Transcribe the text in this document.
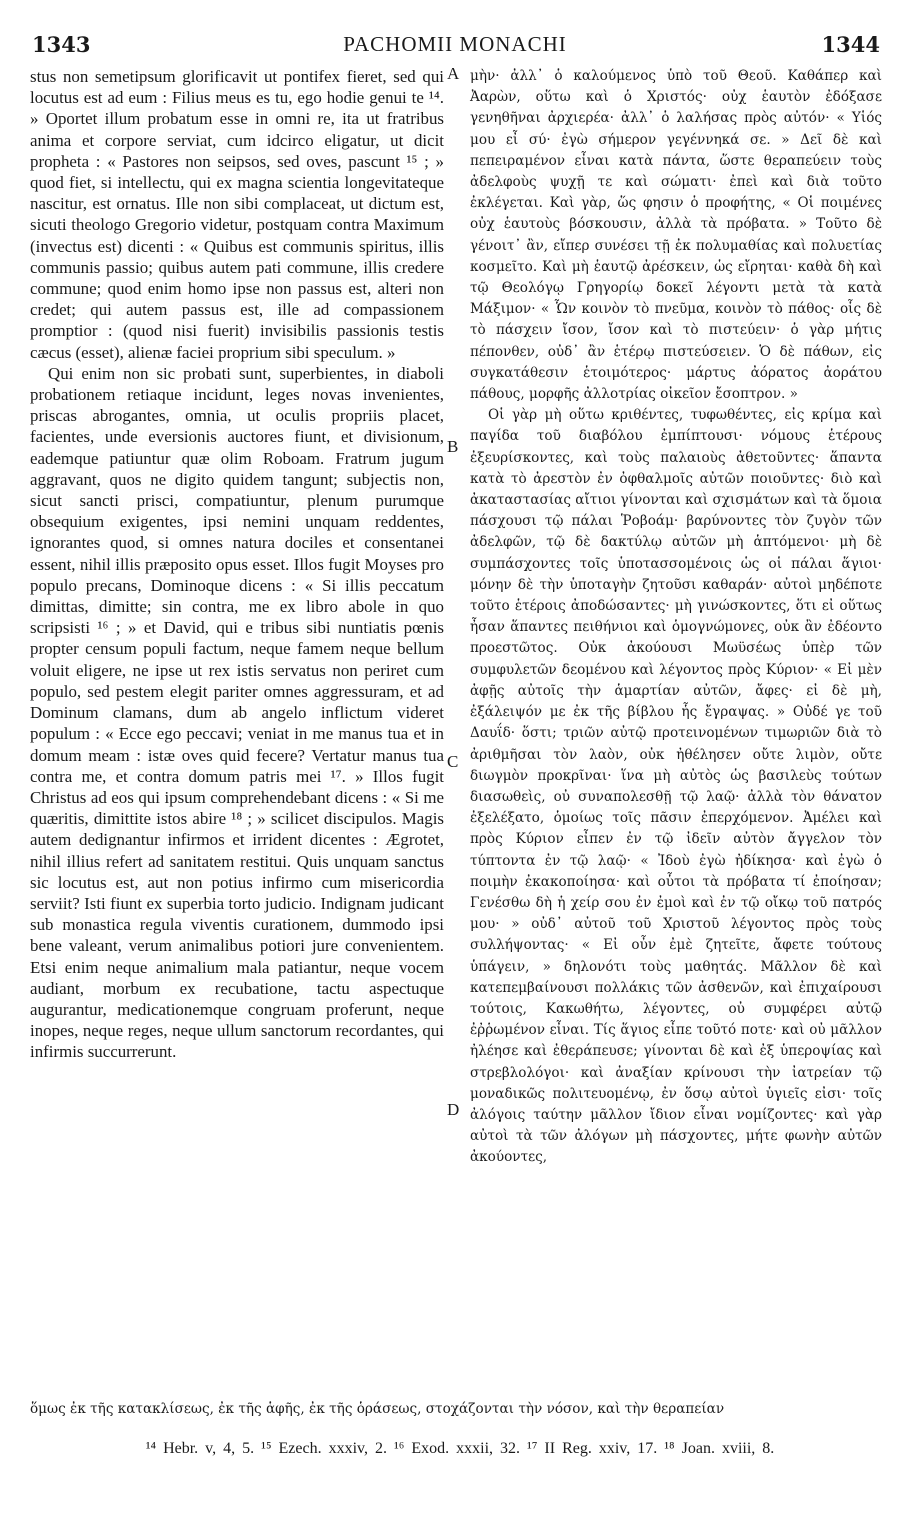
1343	PACHOMII MONACHI	1344

stus non semetipsum glorificavit ut pontifex fieret, sed qui locutus est ad eum : Filius meus es tu, ego hodie genui te ¹⁴. » Oportet illum probatum esse in omni re, ita ut fratribus anima et corpore serviat, cum idcirco eligatur, ut dicit propheta : « Pastores non seipsos, sed oves, pascunt ¹⁵ ; » quod fiet, si intellectu, qui ex magna scientia longevitateque nascitur, est ornatus. Ille non sibi complaceat, ut dictum est, sicuti theologo Gregorio videtur, postquam contra Maximum (invectus est) dicenti : « Quibus est communis spiritus, illis communis passio; quibus autem pati commune, illis credere commune; quod enim homo ipse non passus est, alteri non credet; qui autem passus est, ille ad compassionem promptior : (quod nisi fuerit) invisibilis passionis testis cæcus (esset), alienæ faciei proprium sibi speculum. »

Qui enim non sic probati sunt, superbientes, in diaboli probationem retiaque incidunt, leges novas invenientes, priscas abrogantes, omnia, ut oculis propriis placet, facientes, unde eversionis auctores fiunt, et divisionum, eademque patiuntur quæ olim Roboam. Fratrum jugum aggravant, quos ne digito quidem tangunt; subjectis non, sicut sancti prisci, compatiuntur, plenum purumque obsequium exigentes, ipsi nemini unquam reddentes, ignorantes quod, si omnes natura dociles et consentanei essent, nihil illis præposito opus esset. Illos fugit Moyses pro populo precans, Dominoque dicens : « Si illis peccatum dimittas, dimitte; sin contra, me ex libro abole in quo scripsisti ¹⁶ ; » et David, qui e tribus sibi nuntiatis pœnis propter censum populi factum, neque famem neque bellum voluit eligere, ne ipse ut rex istis servatus non periret cum populo, sed pestem elegit pariter omnes aggressuram, et ad Dominum clamans, dum ab angelo inflictum videret populum : « Ecce ego peccavi; veniat in me manus tua et in domum meam : istæ oves quid fecere? Vertatur manus tua contra me, et contra domum patris mei ¹⁷. » Illos fugit Christus ad eos qui ipsum comprehendebant dicens : « Si me quæritis, dimittite istos abire ¹⁸ ; » scilicet discipulos. Magis autem dedignantur infirmos et irrident dicentes : Ægrotet, nihil illius refert ad sanitatem restitui. Quis unquam sanctus sic locutus est, aut non potius infirmo cum misericordia serviit? Isti fiunt ex superbia torto judicio. Indignam judicant sub monastica regula viventis curationem, dummodo ipsi bene valeant, verum animalibus potiori jure convenientem. Etsi enim neque animalium mala patiantur, neque vocem audiant, morbum ex recubatione, tactu aspectuque augurantur, medicationemque congruam proferunt, neque inopes, neque reges, neque ullum sanctorum recordantes, qui infirmis succurrerunt.

μὴν· ἀλλ᾿ ὁ καλούμενος ὑπὸ τοῦ Θεοῦ. Καθάπερ καὶ Ἀαρὼν, οὕτω καὶ ὁ Χριστός· οὐχ ἑαυτὸν ἐδόξασε γενηθῆναι ἀρχιερέα· ἀλλ᾿ ὁ λαλήσας πρὸς αὐτόν· « Υἱός μου εἶ σύ· ἐγὼ σήμερον γεγέννηκά σε. » Δεῖ δὲ καὶ πεπειραμένον εἶναι κατὰ πάντα, ὥστε θεραπεύειν τοὺς ἀδελφοὺς ψυχῇ τε καὶ σώματι· ἐπεὶ καὶ διὰ τοῦτο ἐκλέγεται. Καὶ γὰρ, ὥς φησιν ὁ προφήτης, « Οἱ ποιμένες οὐχ ἑαυτοὺς βόσκουσιν, ἀλλὰ τὰ πρόβατα. » Τοῦτο δὲ γένοιτ᾿ ἂν, εἴπερ συνέσει τῇ ἐκ πολυμαθίας καὶ πολυετίας κοσμεῖτο. Καὶ μὴ ἑαυτῷ ἀρέσκειν, ὡς εἴρηται· καθὰ δὴ καὶ τῷ Θεολόγῳ Γρηγορίῳ δοκεῖ λέγοντι μετὰ τὰ κατὰ Μάξιμον· « Ὧν κοινὸν τὸ πνεῦμα, κοινὸν τὸ πάθος· οἷς δὲ τὸ πάσχειν ἴσον, ἴσον καὶ τὸ πιστεύειν· ὁ γὰρ μήτις πέπονθεν, οὐδ᾿ ἂν ἑτέρῳ πιστεύσειεν. Ὁ δὲ πάθων, εἰς συγκατάθεσιν ἑτοιμότερος· μάρτυς ἀόρατος ἀοράτου πάθους, μορφῆς ἀλλοτρίας οἰκεῖον ἔσοπτρον. »

Οἱ γὰρ μὴ οὕτω κριθέντες, τυφωθέντες, εἰς κρίμα καὶ παγίδα τοῦ διαβόλου ἐμπίπτουσι· νόμους ἑτέρους ἐξευρίσκοντες, καὶ τοὺς παλαιοὺς ἀθετοῦντες· ἅπαντα κατὰ τὸ ἀρεστὸν ἐν ὀφθαλμοῖς αὐτῶν ποιοῦντες· διὸ καὶ ἀκαταστασίας αἴτιοι γίνονται καὶ σχισμάτων καὶ τὰ ὅμοια πάσχουσι τῷ πάλαι Ῥοβοάμ· βαρύνοντες τὸν ζυγὸν τῶν ἀδελφῶν, τῷ δὲ δακτύλῳ αὐτῶν μὴ ἁπτόμενοι· μὴ δὲ συμπάσχοντες τοῖς ὑποτασσομένοις ὡς οἱ πάλαι ἅγιοι· μόνην δὲ τὴν ὑποταγὴν ζητοῦσι καθαράν· αὐτοὶ μηδέποτε τοῦτο ἑτέροις ἀποδώσαντες· μὴ γινώσκοντες, ὅτι εἰ οὕτως ἦσαν ἅπαντες πειθήνιοι καὶ ὁμογνώμονες, οὐκ ἂν ἐδέοντο προεστῶτος. Οὐκ ἀκούουσι Μωϋσέως ὑπὲρ τῶν συμφυλετῶν δεομένου καὶ λέγοντος πρὸς Κύριον· « Εἰ μὲν ἀφῇς αὐτοῖς τὴν ἁμαρτίαν αὐτῶν, ἄφες· εἰ δὲ μὴ, ἐξάλειψόν με ἐκ τῆς βίβλου ἧς ἔγραψας. » Οὐδέ γε τοῦ Δαυΐδ· ὅστι; τριῶν αὐτῷ προτεινομένων τιμωριῶν διὰ τὸ ἀριθμῆσαι τὸν λαὸν, οὐκ ἠθέλησεν οὔτε λιμὸν, οὔτε διωγμὸν προκρῖναι· ἵνα μὴ αὐτὸς ὡς βασιλεὺς τούτων διασωθεὶς, οὐ συναπολεσθῇ τῷ λαῷ· ἀλλὰ τὸν θάνατον ἐξελέξατο, ὁμοίως τοῖς πᾶσιν ἐπερχόμενον. Ἀμέλει καὶ πρὸς Κύριον εἶπεν ἐν τῷ ἰδεῖν αὐτὸν ἄγγελον τὸν τύπτοντα ἐν τῷ λαῷ· « Ἰδοὺ ἐγὼ ἠδίκησα· καὶ ἐγὼ ὁ ποιμὴν ἐκακοποίησα· καὶ οὗτοι τὰ πρόβατα τί ἐποίησαν; Γενέσθω δὴ ἡ χείρ σου ἐν ἐμοὶ καὶ ἐν τῷ οἴκῳ τοῦ πατρός μου· » οὐδ᾿ αὐτοῦ τοῦ Χριστοῦ λέγοντος πρὸς τοὺς συλλήψοντας· « Εἰ οὖν ἐμὲ ζητεῖτε, ἄφετε τούτους ὑπάγειν, » δηλονότι τοὺς μαθητάς. Μᾶλλον δὲ καὶ κατεπεμβαίνουσι πολλάκις τῶν ἀσθενῶν, καὶ ἐπιχαίρουσι τούτοις, Κακωθήτω, λέγοντες, οὐ συμφέρει αὐτῷ ἐῤῥωμένον εἶναι. Τίς ἅγιος εἶπε τοῦτό ποτε· καὶ οὐ μᾶλλον ἠλέησε καὶ ἐθεράπευσε; γίνονται δὲ καὶ ἐξ ὑπεροψίας καὶ στρεβλολόγοι· καὶ ἀναξίαν κρίνουσι τὴν ἰατρείαν τῷ μοναδικῶς πολιτευομένῳ, ἐν ὅσῳ αὐτοὶ ὑγιεῖς εἰσι· τοῖς ἀλόγοις ταύτην μᾶλλον ἴδιον εἶναι νομίζοντες· καὶ γὰρ αὐτοὶ τὰ τῶν ἀλόγων μὴ πάσχοντες, μήτε φωνὴν αὐτῶν ἀκούοντες,

A
B
C
D
ὅμως ἐκ τῆς κατακλίσεως, ἐκ τῆς ἁφῆς, ἐκ τῆς ὁράσεως, στοχάζονται τὴν νόσον, καὶ τὴν θεραπείαν
¹⁴ Hebr. v, 4, 5. ¹⁵ Ezech. xxxiv, 2. ¹⁶ Exod. xxxii, 32. ¹⁷ II Reg. xxiv, 17. ¹⁸ Joan. xviii, 8.
